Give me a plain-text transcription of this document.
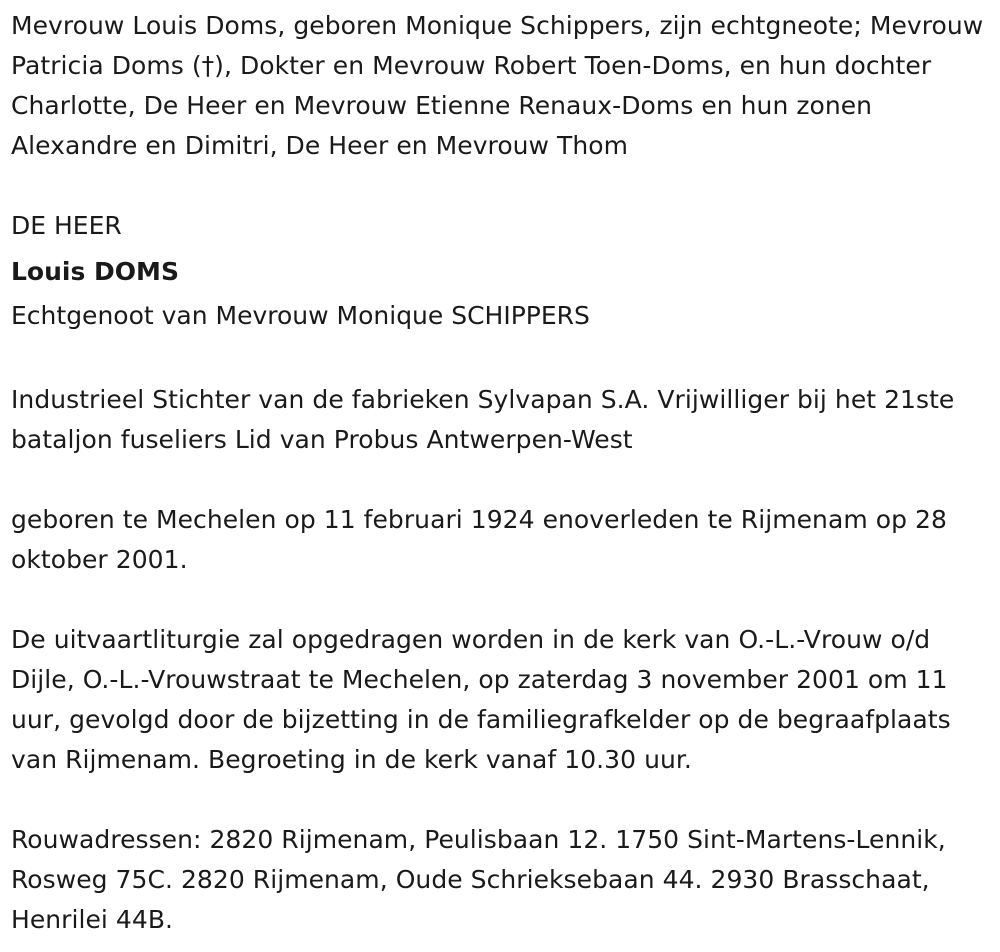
Mevrouw Louis Doms, geboren Monique Schippers, zijn echtgneote; Mevrouw Patricia Doms (†), Dokter en Mevrouw Robert Toen-Doms, en hun dochter Charlotte, De Heer en Mevrouw Etienne Renaux-Doms en hun zonen Alexandre en Dimitri, De Heer en Mevrouw Thom

DE HEER

Louis DOMS

Echtgenoot van Mevrouw Monique SCHIPPERS

Industrieel Stichter van de fabrieken Sylvapan S.A. Vrijwilliger bij het 21ste bataljon fuseliers Lid van Probus Antwerpen-West

geboren te Mechelen op 11 februari 1924 enoverleden te Rijmenam op 28 oktober 2001.

De uitvaartliturgie zal opgedragen worden in de kerk van O.-L.-Vrouw o/d Dijle, O.-L.-Vrouwstraat te Mechelen, op zaterdag 3 november 2001 om 11 uur, gevolgd door de bijzetting in de familiegrafkelder op de begraafplaats van Rijmenam. Begroeting in de kerk vanaf 10.30 uur.

Rouwadressen: 2820 Rijmenam, Peulisbaan 12. 1750 Sint-Martens-Lennik, Rosweg 75C. 2820 Rijmenam, Oude Schrieksebaan 44. 2930 Brasschaat, Henrilei 44B.
